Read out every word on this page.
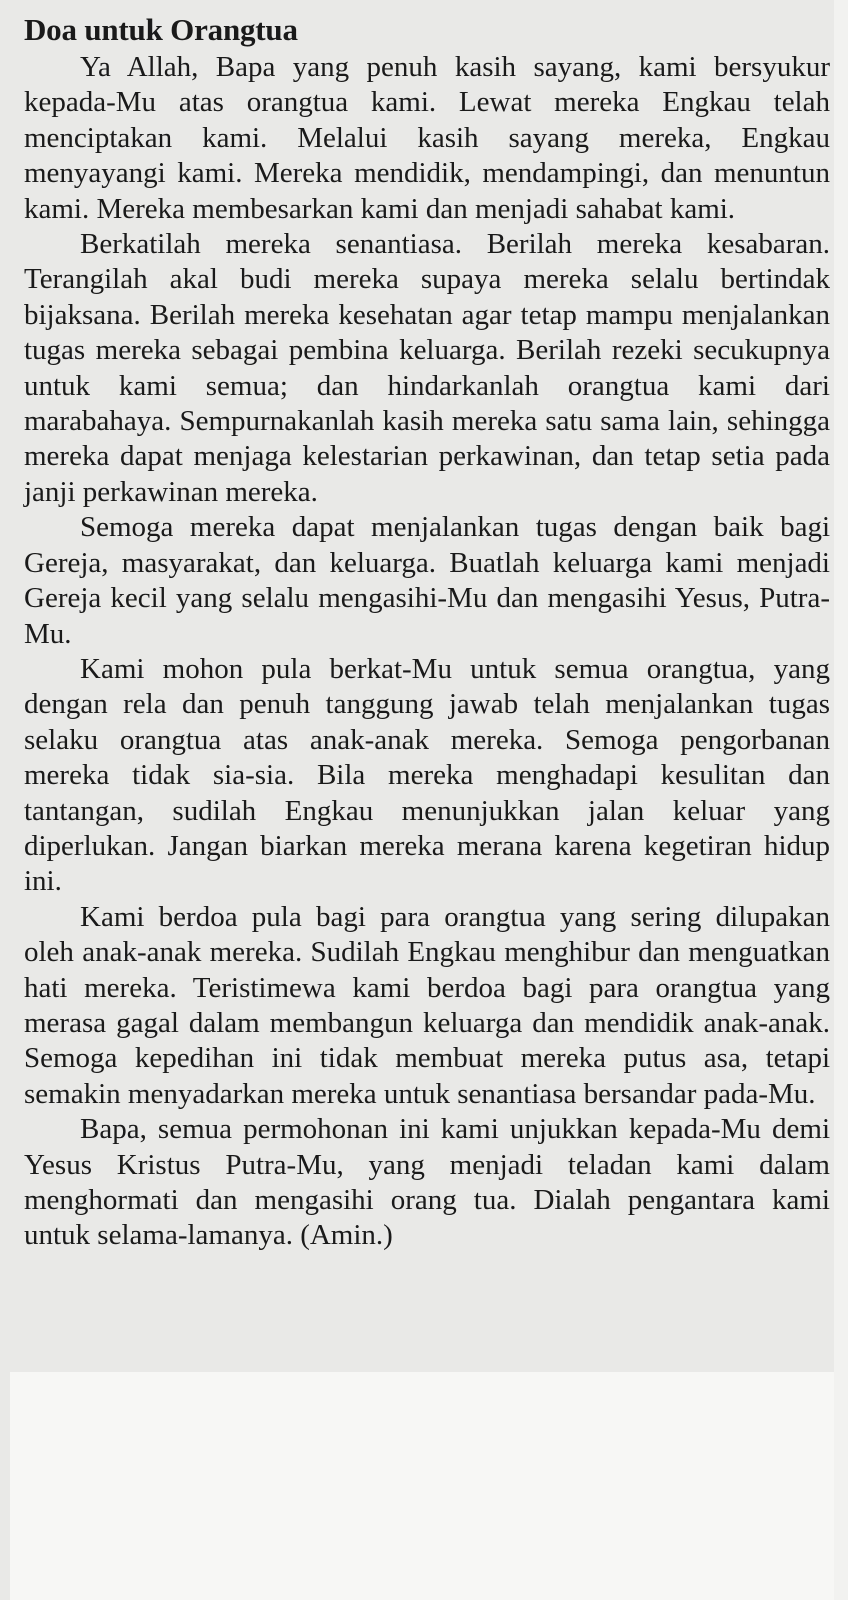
Doa untuk Orangtua

Ya Allah, Bapa yang penuh kasih sayang, kami bersyukur kepada-Mu atas orangtua kami. Lewat mereka Engkau telah menciptakan kami. Melalui kasih sayang mereka, Engkau menyayangi kami. Mereka mendidik, mendampingi, dan menuntun kami. Mereka membesarkan kami dan menjadi sahabat kami.

Berkatilah mereka senantiasa. Berilah mereka kesabaran. Terangilah akal budi mereka supaya mereka selalu bertindak bijaksana. Berilah mereka kesehatan agar tetap mampu menjalankan tugas mereka sebagai pembina keluarga. Berilah rezeki secukupnya untuk kami semua; dan hindarkanlah orangtua kami dari marabahaya. Sempurnakanlah kasih mereka satu sama lain, sehingga mereka dapat menjaga kelestarian perkawinan, dan tetap setia pada janji perkawinan mereka.

Semoga mereka dapat menjalankan tugas dengan baik bagi Gereja, masyarakat, dan keluarga. Buatlah keluarga kami menjadi Gereja kecil yang selalu mengasihi-Mu dan mengasihi Yesus, Putra-Mu.

Kami mohon pula berkat-Mu untuk semua orangtua, yang dengan rela dan penuh tanggung jawab telah menjalankan tugas selaku orangtua atas anak-anak mereka. Semoga pengorbanan mereka tidak sia-sia. Bila mereka menghadapi kesulitan dan tantangan, sudilah Engkau menunjukkan jalan keluar yang diperlukan. Jangan biarkan mereka merana karena kegetiran hidup ini.

Kami berdoa pula bagi para orangtua yang sering dilupakan oleh anak-anak mereka. Sudilah Engkau menghibur dan menguatkan hati mereka. Teristimewa kami berdoa bagi para orangtua yang merasa gagal dalam membangun keluarga dan mendidik anak-anak. Semoga kepedihan ini tidak membuat mereka putus asa, tetapi semakin menyadarkan mereka untuk senantiasa bersandar pada-Mu.

Bapa, semua permohonan ini kami unjukkan kepada-Mu demi Yesus Kristus Putra-Mu, yang menjadi teladan kami dalam menghormati dan mengasihi orang tua. Dialah pengantara kami untuk selama-lamanya. (Amin.)
